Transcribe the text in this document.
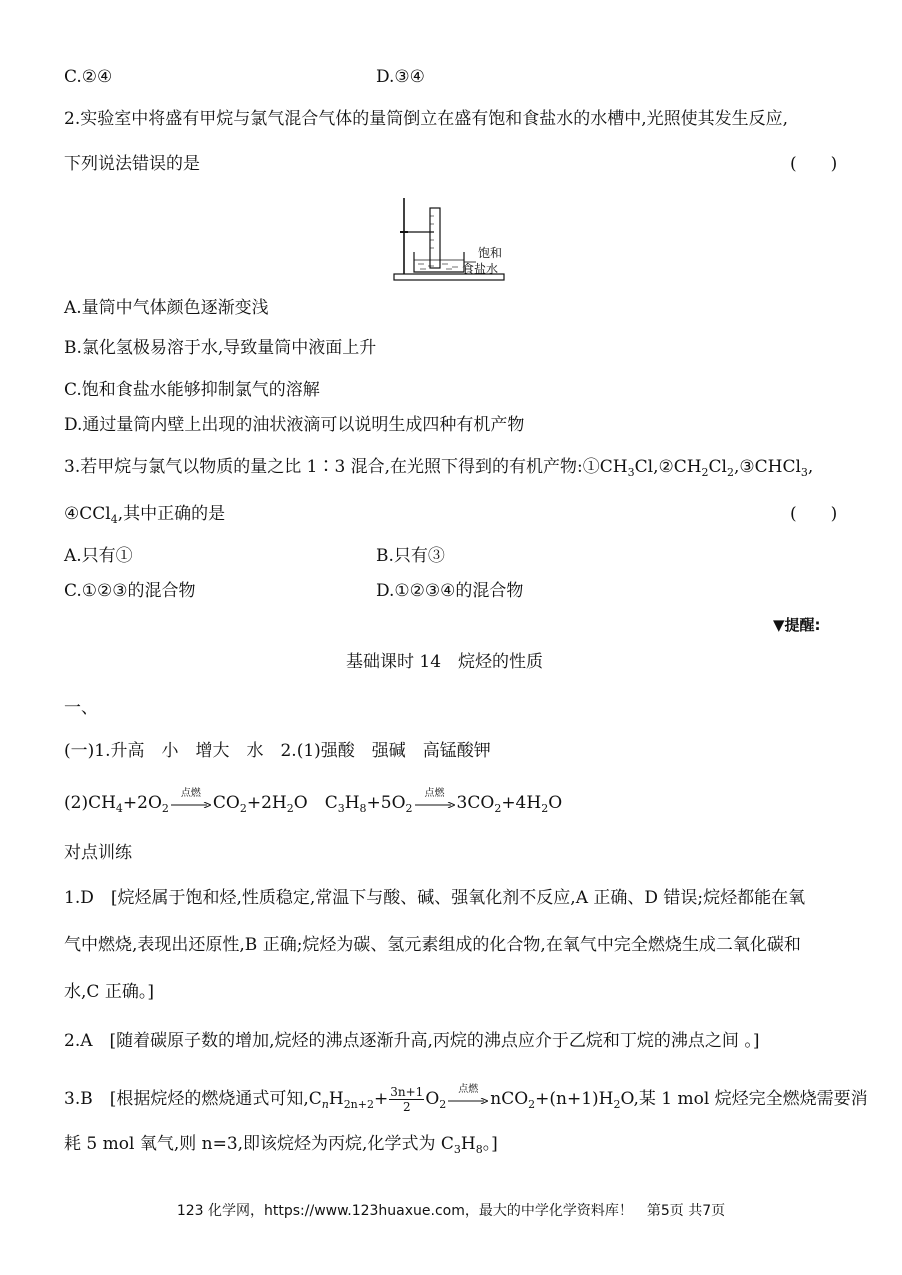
C.②④	D.③④
2.实验室中将盛有甲烷与氯气混合气体的量筒倒立在盛有饱和食盐水的水槽中,光照使其发生反应,
下列说法错误的是	(　　)
饱和
食盐水
A.量筒中气体颜色逐渐变浅
B.氯化氢极易溶于水,导致量筒中液面上升
C.饱和食盐水能够抑制氯气的溶解
D.通过量筒内壁上出现的油状液滴可以说明生成四种有机产物
3.若甲烷与氯气以物质的量之比 1∶3 混合,在光照下得到的有机产物$:①CH_3Cl,②CH_2Cl_2,③CHCl_3$,
④CCl$_4$,其中正确的是	(　　)
A.只有①	B.只有③
C.①②③的混合物	D.①②③④的混合物
▼提醒:
基础课时 14　烷烃的性质
一、
(一)1.升高　小　增大　水　2.(1)强酸　强碱　高锰酸钾
$(2)CH_4+2O_2$
点燃 $CO_2+2H_2O$　$C_3H_8+5O_2$
点燃 $3CO_2+4H_2O$
对点训练
1.D　[烷烃属于饱和烃,性质稳定,常温下与酸、碱、强氧化剂不反应,A 正确、D 错误;烷烃都能在氧
气中燃烧,表现出还原性,B 正确;烷烃为碳、氢元素组成的化合物,在氧气中完全燃烧生成二氧化碳和
水,C 正确。]
2.A　[随着碳原子数的增加,烷烃的沸点逐渐升高,丙烷的沸点应介于乙烷和丁烷的沸点之间 。]
3.B　[根据烷烃的燃烧通式可知$,C_nH_{2n+2}+ \frac{3n+1}{2} O_2$
点燃 $nCO_2+(n+1)H_2O$,某 1 mol 烷烃完全燃烧需要消
耗 5 mol 氧气,则 n=3,即该烷烃为丙烷,化学式为 $C_3H_8$。]
123 化学网，https://www.123huaxue.com，最大的中学化学资料库！　第5页 共7页
